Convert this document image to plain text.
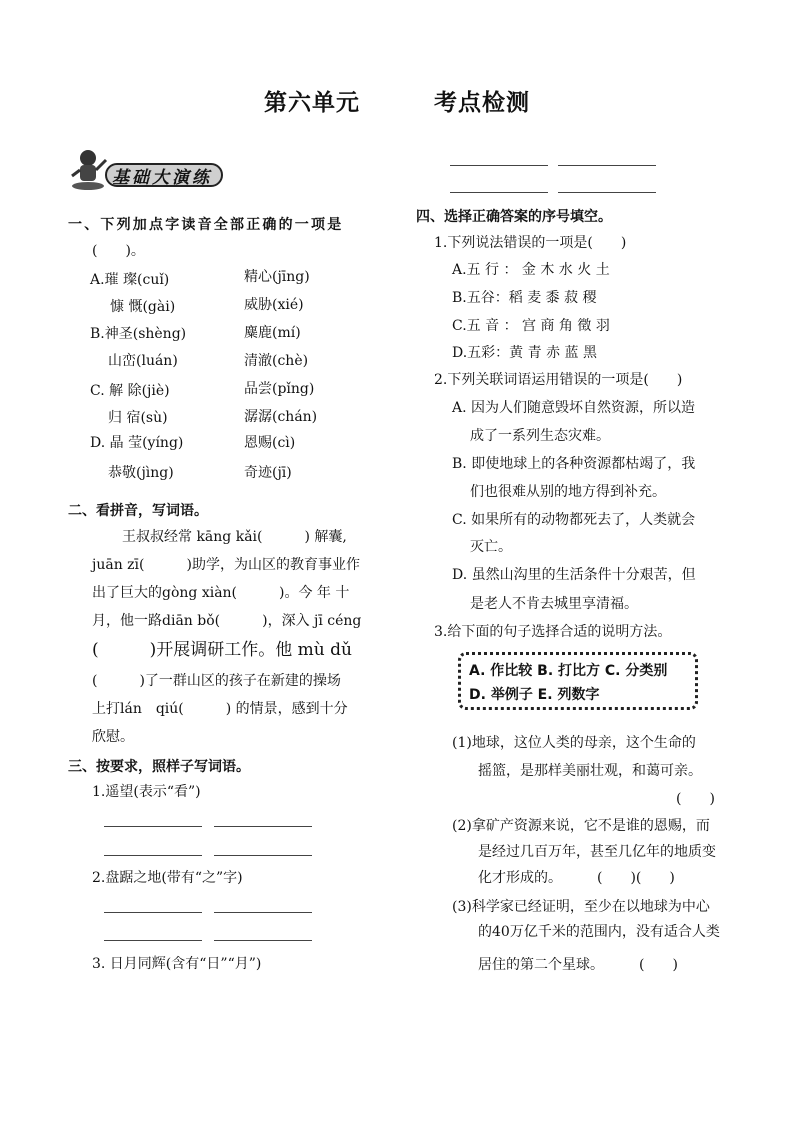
第六单元	考点检测
基础大演练
一、下列加点字读音全部正确的一项是
(　　)。
A.璀 璨(cuǐ)	精心(jīng)
慷 慨(gài)	威胁(xié)
B.神圣(shèng)	麋鹿(mí)
山峦(luán)	清澈(chè)
C. 解 除(jiè)	品尝(pǐng)
归 宿(sù)	潺潺(chán)
D. 晶 莹(yíng)	恩赐(cì)
恭敬(jìng)	奇迹(jī)
二、看拼音，写词语。
王叔叔经常 kāng kǎi(　　　) 解囊,
juān zī(　　　)助学，为山区的教育事业作
出了巨大的gòng xiàn(　　　)。今 年 十
月，他一路diān bǒ(　　　)，深入 jī céng
(　　　)开展调研工作。他 mù dǔ
(　　　)了一群山区的孩子在新建的操场
上打lán　qiú(　　　) 的情景，感到十分
欣慰。
三、按要求，照样子写词语。
1.遥望(表示“看”)
2.盘踞之地(带有“之”字)
3. 日月同辉(含有“日”“月”)
四、选择正确答案的序号填空。
1.下列说法错误的一项是(　　)
A.五 行 ： 金 木 水 火 土
B.五谷：稻 麦 黍 菽 稷
C.五 音 ： 宫 商 角 徵 羽
D.五彩：黄 青 赤 蓝 黑
2.下列关联词语运用错误的一项是(　　)
A. 因为人们随意毁坏自然资源，所以造
成了一系列生态灾难。
B. 即使地球上的各种资源都枯竭了，我
们也很难从别的地方得到补充。
C. 如果所有的动物都死去了，人类就会
灭亡。
D. 虽然山沟里的生活条件十分艰苦，但
是老人不肯去城里享清福。
3.给下面的句子选择合适的说明方法。
A. 作比较 B. 打比方 C. 分类别
D. 举例子 E. 列数字
(1)地球，这位人类的母亲，这个生命的
摇篮，是那样美丽壮观，和蔼可亲。
(　　)
(2)拿矿产资源来说，它不是谁的恩赐，而
是经过几百万年，甚至几亿年的地质变
化才形成的。　　　(　　)(　　)
(3)科学家已经证明，至少在以地球为中心
的40万亿千米的范围内，没有适合人类
居住的第二个星球。　　　(　　)
